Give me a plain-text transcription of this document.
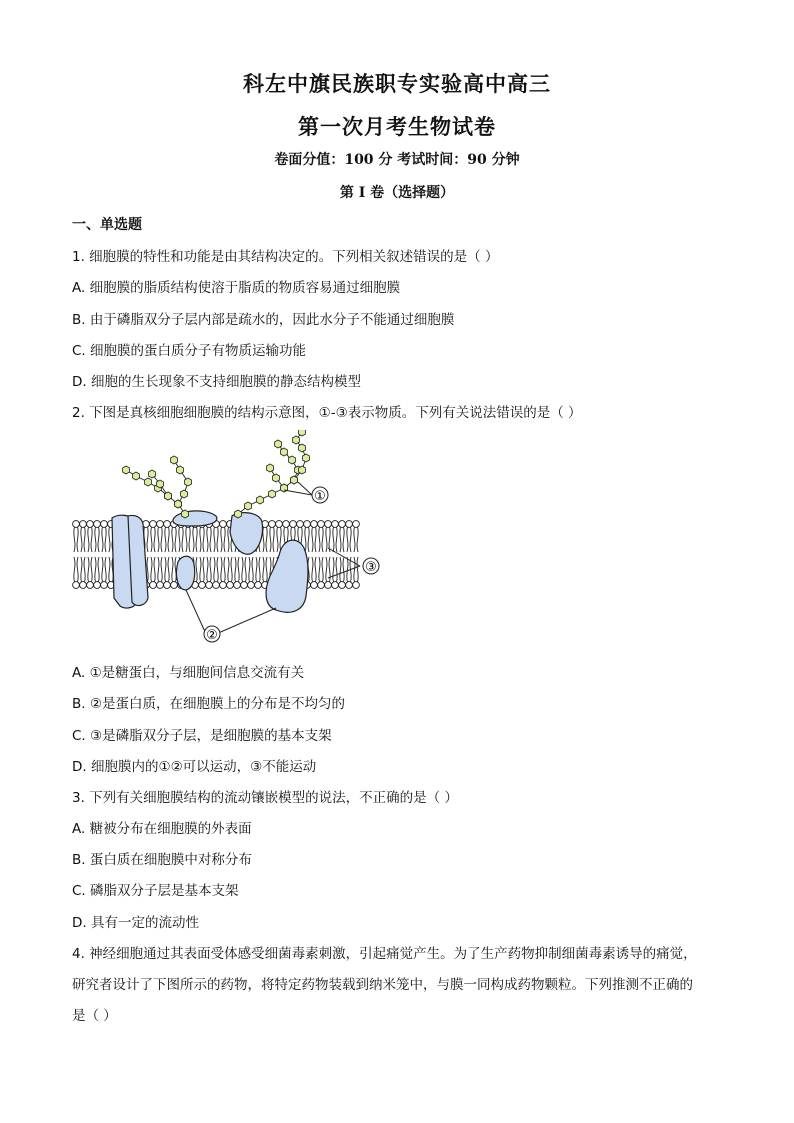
科左中旗民族职专实验高中高三
第一次月考生物试卷
卷面分值：100 分 考试时间：90 分钟
第 I 卷（选择题）
一、单选题
1. 细胞膜的特性和功能是由其结构决定的。下列相关叙述错误的是（ ）
A. 细胞膜的脂质结构使溶于脂质的物质容易通过细胞膜
B. 由于磷脂双分子层内部是疏水的，因此水分子不能通过细胞膜
C. 细胞膜的蛋白质分子有物质运输功能
D. 细胞的生长现象不支持细胞膜的静态结构模型
2. 下图是真核细胞细胞膜的结构示意图，①-③表示物质。下列有关说法错误的是（ ）
①
③
②
A. ①是糖蛋白，与细胞间信息交流有关
B. ②是蛋白质，在细胞膜上的分布是不均匀的
C. ③是磷脂双分子层，是细胞膜的基本支架
D. 细胞膜内的①②可以运动，③不能运动
3. 下列有关细胞膜结构的流动镶嵌模型的说法，不正确的是（ ）
A. 糖被分布在细胞膜的外表面
B. 蛋白质在细胞膜中对称分布
C. 磷脂双分子层是基本支架
D. 具有一定的流动性
4. 神经细胞通过其表面受体感受细菌毒素刺激，引起痛觉产生。为了生产药物抑制细菌毒素诱导的痛觉，
研究者设计了下图所示的药物，将特定药物装载到纳米笼中，与膜一同构成药物颗粒。下列推测不正确的
是（ ）
